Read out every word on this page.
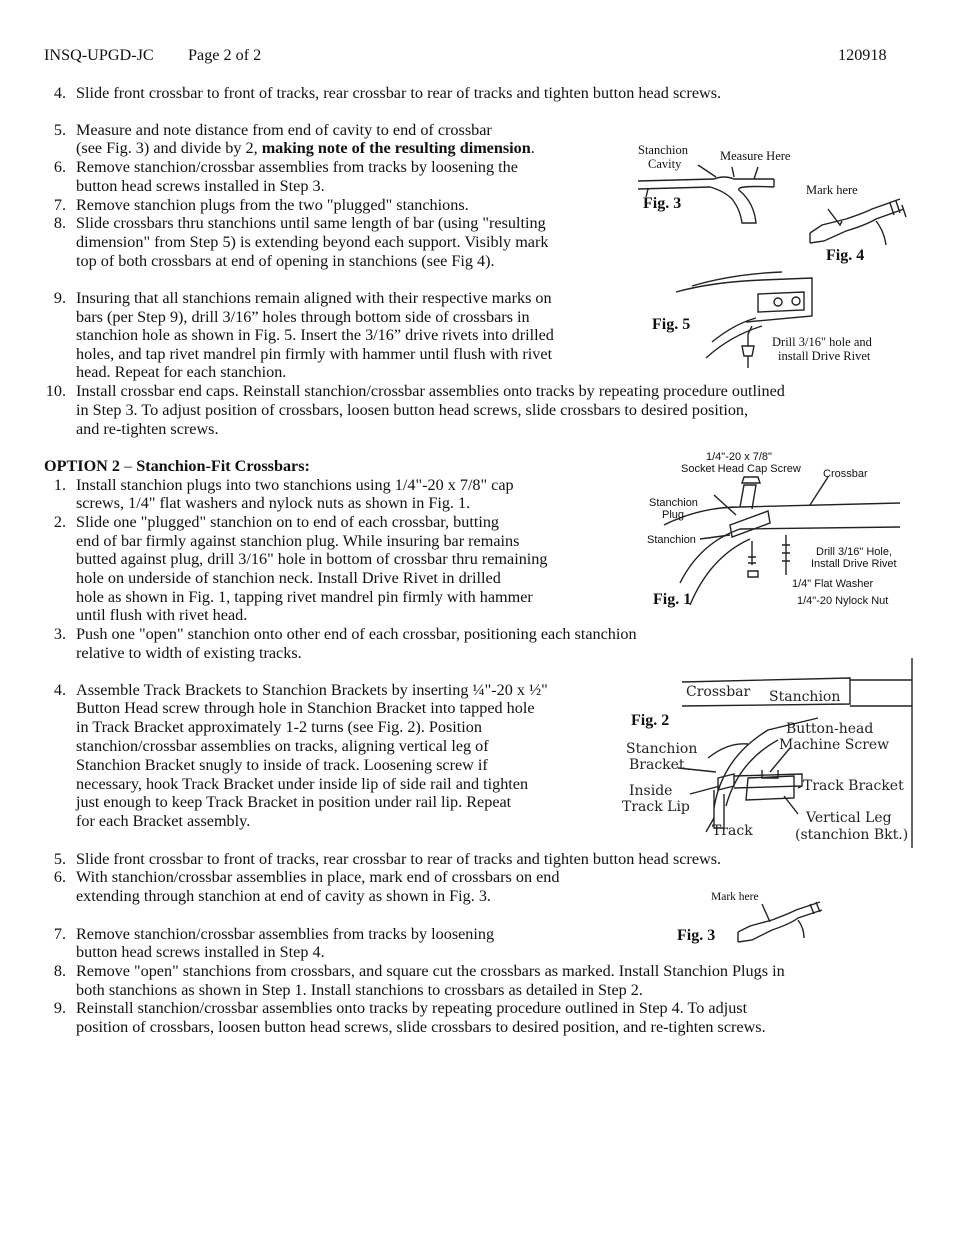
INSQ-UPGD-JC Page 2 of 2	120918
4. Slide front crossbar to front of tracks, rear crossbar to rear of tracks and tighten button head screws.
5. Measure and note distance from end of cavity to end of crossbar
(see Fig. 3) and divide by 2, making note of the resulting dimension.
6. Remove stanchion/crossbar assemblies from tracks by loosening the
button head screws installed in Step 3.
7. Remove stanchion plugs from the two "plugged" stanchions.
8. Slide crossbars thru stanchions until same length of bar (using "resulting
dimension" from Step 5) is extending beyond each support. Visibly mark
top of both crossbars at end of opening in stanchions (see Fig 4).
9. Insuring that all stanchions remain aligned with their respective marks on
bars (per Step 9), drill 3/16” holes through bottom side of crossbars in
stanchion hole as shown in Fig. 5. Insert the 3/16” drive rivets into drilled
holes, and tap rivet mandrel pin firmly with hammer until flush with rivet
head. Repeat for each stanchion.
10. Install crossbar end caps. Reinstall stanchion/crossbar assemblies onto tracks by repeating procedure outlined
in Step 3. To adjust position of crossbars, loosen button head screws, slide crossbars to desired position,
and re-tighten screws.
OPTION 2 – Stanchion-Fit Crossbars:
1. Install stanchion plugs into two stanchions using 1/4"-20 x 7/8" cap
screws, 1/4" flat washers and nylock nuts as shown in Fig. 1.
2. Slide one "plugged" stanchion on to end of each crossbar, butting
end of bar firmly against stanchion plug. While insuring bar remains
butted against plug, drill 3/16" hole in bottom of crossbar thru remaining
hole on underside of stanchion neck. Install Drive Rivet in drilled
hole as shown in Fig. 1, tapping rivet mandrel pin firmly with hammer
until flush with rivet head.
3. Push one "open" stanchion onto other end of each crossbar, positioning each stanchion
relative to width of existing tracks.
4. Assemble Track Brackets to Stanchion Brackets by inserting ¼"-20 x ½"
Button Head screw through hole in Stanchion Bracket into tapped hole
in Track Bracket approximately 1-2 turns (see Fig. 2). Position
stanchion/crossbar assemblies on tracks, aligning vertical leg of
Stanchion Bracket snugly to inside of track. Loosening screw if
necessary, hook Track Bracket under inside lip of side rail and tighten
just enough to keep Track Bracket in position under rail lip. Repeat
for each Bracket assembly.
5. Slide front crossbar to front of tracks, rear crossbar to rear of tracks and tighten button head screws.
6. With stanchion/crossbar assemblies in place, mark end of crossbars on end
extending through stanchion at end of cavity as shown in Fig. 3.
7. Remove stanchion/crossbar assemblies from tracks by loosening
button head screws installed in Step 4.
8. Remove "open" stanchions from crossbars, and square cut the crossbars as marked. Install Stanchion Plugs in
both stanchions as shown in Step 1. Install stanchions to crossbars as detailed in Step 2.
9. Reinstall stanchion/crossbar assemblies onto tracks by repeating procedure outlined in Step 4. To adjust
position of crossbars, loosen button head screws, slide crossbars to desired position, and re-tighten screws.
Stanchion
Cavity
Measure Here
Fig. 3
Mark here
Fig. 4
Fig. 5
Drill 3/16" hole and
install Drive Rivet
1/4"-20 x 7/8"
Socket Head Cap Screw Crossbar
Stanchion
Plug
Stanchion
Drill 3/16" Hole,
Install Drive Rivet
1/4" Flat Washer
1/4"-20 Nylock Nut
Fig. 1
Crossbar Stanchion
Fig. 2	Button-head
Machine Screw
Stanchion
Bracket
Track Bracket
Inside
Track Lip
Vertical Leg
(stanchion Bkt.)
Track
Mark here
Fig. 3
